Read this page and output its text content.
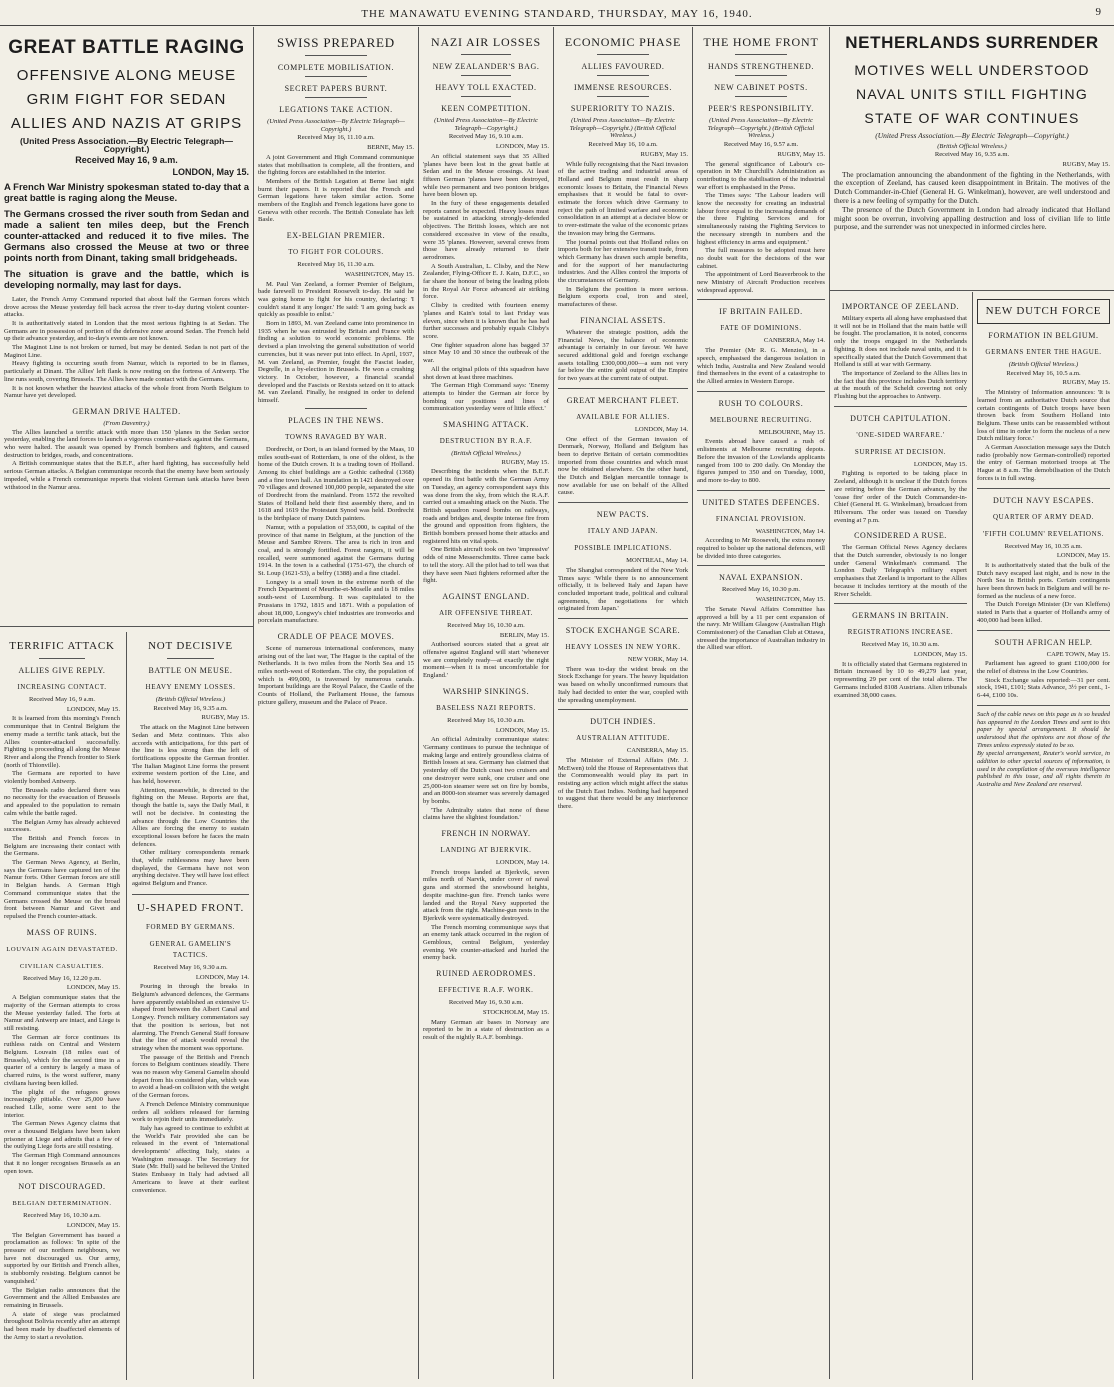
THE MANAWATU EVENING STANDARD, THURSDAY, MAY 16, 1940.	9
GREAT BATTLE RAGING
OFFENSIVE ALONG MEUSE
GRIM FIGHT FOR SEDAN
ALLIES AND NAZIS AT GRIPS
(United Press Association.—By Electric Telegraph—Copyright.)
Received May 16, 9 a.m.
LONDON, May 15.

A French War Ministry spokesman stated to-day that a great battle is raging along the Meuse.

The Germans crossed the river south from Sedan and made a salient ten miles deep, but the French counter-attacked and reduced it to five miles. The Germans also crossed the Meuse at two or three points north from Dinant, taking small bridgeheads.

The situation is grave and the battle, which is developing normally, may last for days.

Later, the French Army Command reported that about half the German forces which drove across the Meuse yesterday fell back across the river to-day during violent counter-attacks.

It is authoritatively stated in London that the most serious fighting is at Sedan. The Germans are in possession of portion of the defensive zone around Sedan. The French held up their advance yesterday, and to-day's events are not known.

The Maginot Line is not broken or turned, but may be dented. Sedan is not part of the Maginot Line.

Heavy fighting is occurring south from Namur, which is reported to be in flames, particularly at Dinant. The Allies' left flank is now resting on the fortress of Antwerp. The line runs south, covering Brussels. The Allies have made contact with the Germans.

It is not known whether the heaviest attacks of the whole front from North Belgium to Namur have yet developed.

GERMAN DRIVE HALTED.
(From Daventry.)

The Allies launched a terrific attack with more than 150 'planes in the Sedan sector yesterday, enabling the land forces to launch a vigorous counter-attack against the Germans, who were halted. The assault was opened by French bombers and fighters, and caused destruction to bridges, roads, and concentrations.

A British communique states that the B.E.F., after hard fighting, has successfully held serious German attacks. A Belgian communique records that the enemy have been seriously impeded, while a French communique reports that violent German tank attacks have been withstood in the Namur area.

TERRIFIC ATTACK
ALLIES GIVE REPLY.
INCREASING CONTACT.
Received May 16, 9 a.m.
LONDON, May 15.

It is learned from this morning's French communique that in Central Belgium the enemy made a terrific tank attack, but the Allies counter-attacked successfully. Fighting is proceeding all along the Meuse River and along the French frontier to Sierk (north of Thionville).

The Germans are reported to have violently bombed Antwerp.

The Brussels radio declared there was no necessity for the evacuation of Brussels and appealed to the population to remain calm while the battle raged.

The Belgian Army has already achieved successes.

The British and French forces in Belgium are increasing their contact with the Germans.

The German News Agency, at Berlin, says the Germans have captured ten of the Namur forts. Other German forces are still in Belgian hands. A German High Command communique states that the Germans crossed the Meuse on the broad front between Namur and Givet and repulsed the French counter-attack.

MASS OF RUINS.
LOUVAIN AGAIN DEVASTATED.
CIVILIAN CASUALTIES.
Received May 16, 12.20 p.m.
LONDON, May 15.

A Belgian communique states that the majority of the German attempts to cross the Meuse yesterday failed. The forts at Namur and Antwerp are intact, and Liege is still resisting.

The German air force continues its ruthless raids on Central and Western Belgium. Louvain (18 miles east of Brussels), which for the second time in a quarter of a century is largely a mass of charred ruins, is the worst sufferer, many civilians having been killed.

The plight of the refugees grows increasingly pitiable. Over 25,000 have reached Lille, some were sent to the interior.

The German News Agency claims that over a thousand Belgians have been taken prisoner at Liege and admits that a few of the outlying Liege forts are still resisting.

The German High Command announces that it no longer recognises Brussels as an open town.

NOT DISCOURAGED.
BELGIAN DETERMINATION.
Received May 16, 10.30 a.m.
LONDON, May 15.

The Belgian Government has issued a proclamation as follows: 'In spite of the pressure of our northern neighbours, we have not discouraged us. Our army, supported by our British and French allies, is stubbornly resisting. Belgium cannot be vanquished.'

The Belgian radio announces that the Government and the Allied Embassies are remaining in Brussels.

A state of siege was proclaimed throughout Bolivia recently after an attempt had been made by disaffected elements of the Army to start a revolution.

NOT DECISIVE
BATTLE ON MEUSE.
HEAVY ENEMY LOSSES.
(British Official Wireless.)
Received May 16, 9.35 a.m.
RUGBY, May 15.

The attack on the Maginot Line between Sedan and Metz continues. This also accords with anticipations, for this part of the line is less strong than the left of fortifications opposite the German frontier. The Italian Maginot Line forms the present extreme western portion of the Line, and has held, however.

Attention, meanwhile, is directed to the fighting on the Meuse. Reports are that, though the battle is, says the Daily Mail, it will not be decisive. In contesting the advance through the Low Countries the Allies are forcing the enemy to sustain exceptional losses before he faces the main defences.

Other military correspondents remark that, while ruthlessness may have been displayed, the Germans have not won anything decisive. They will have lost effect against Belgium and France.

U-SHAPED FRONT.
FORMED BY GERMANS.
GENERAL GAMELIN'S TACTICS.
Received May 16, 9.30 a.m.
LONDON, May 14.

Pouring in through the breaks in Belgium's advanced defences, the Germans have apparently established an extensive U-shaped front between the Albert Canal and Longwy. French military commentators say that the position is serious, but not alarming. The French General Staff foresaw that the line of attack would reveal the strategy when the moment was opportune.

The passage of the British and French forces to Belgium continues steadily. There was no reason why General Gamelin should depart from his considered plan, which was to avoid a head-on collision with the weight of the German forces.

A French Defence Ministry communique orders all soldiers released for farming work to rejoin their units immediately.

Italy has agreed to continue to exhibit at the World's Fair provided she can be released in the event of 'international developments' affecting Italy, states a Washington message. The Secretary for State (Mr. Hull) said he believed the United States Embassy in Italy had advised all Americans to leave at their earliest convenience.

SWISS PREPARED
COMPLETE MOBILISATION.
SECRET PAPERS BURNT.
LEGATIONS TAKE ACTION.
(United Press Association—By Electric Telegraph—Copyright.)
Received May 16, 11.10 a.m.
BERNE, May 15.

A joint Government and High Command communique states that mobilisation is complete, all the frontiers, and the fighting forces are established in the interior.

Members of the British Legation at Berne last night burnt their papers. It is reported that the French and German legations have taken similar action. Some members of the English and French legations have gone to Geneva with other records. The British Consulate has left Basle.

EX-BELGIAN PREMIER.
TO FIGHT FOR COLOURS.
Received May 16, 11.30 a.m.
WASHINGTON, May 15.

M. Paul Van Zeeland, a former Premier of Belgium, bade farewell to President Roosevelt to-day. He said he was going home to fight for his country, declaring: 'I couldn't stand it any longer.' He said: 'I am going back as quickly as possible to enlist.'

Born in 1893, M. van Zeeland came into prominence in 1935 when he was entrusted by Britain and France with finding a solution to world economic problems. He devised a plan involving the general substitution of world currencies, but it was never put into effect. In April, 1937, M. van Zeeland, as Premier, fought the Fascist leader, Degrelle, in a by-election in Brussels. He won a crushing victory. In October, however, a financial scandal developed and the Fascists or Rexists seized on it to attack M. van Zeeland. Finally, he resigned in order to defend himself.

PLACES IN THE NEWS.
TOWNS RAVAGED BY WAR.

Dordrecht, or Dort, is an island formed by the Maas, 10 miles south-east of Rotterdam, is one of the oldest, is the home of the Dutch crown. It is a trading town of Holland. Among its chief buildings are a Gothic cathedral (1368) and a fine town hall. An inundation in 1421 destroyed over 70 villages and drowned 100,000 people, separated the site of Dordrecht from the mainland. From 1572 the revolted States of Holland held their first assembly there, and in 1618 and 1619 the Protestant Synod was held. Dordrecht is the birthplace of many Dutch painters.

Namur, with a population of 353,000, is capital of the province of that name in Belgium, at the junction of the Meuse and Sambre Rivers. The area is rich in iron and coal, and is strongly fortified. Forest rangers, it will be recalled, were summoned against the Germans during 1914. In the town is a cathedral (1751-67), the church of St. Loup (1621-53), a belfry (1388) and a fine citadel.

Longwy is a small town in the extreme north of the French Department of Meurthe-et-Moselle and is 18 miles south-west of Luxemburg. It was capitulated to the Prussians in 1792, 1815 and 1871. With a population of about 18,000, Longwy's chief industries are ironworks and porcelain manufacture.

CRADLE OF PEACE MOVES.

Scene of numerous international conferences, many arising out of the last war, The Hague is the capital of the Netherlands. It is two miles from the North Sea and 15 miles north-west of Rotterdam. The city, the population of which is 499,000, is traversed by numerous canals. Important buildings are the Royal Palace, the Castle of the Counts of Holland, the Parliament House, the famous picture gallery, museum and the Palace of Peace.

NAZI AIR LOSSES
NEW ZEALANDER'S BAG.
HEAVY TOLL EXACTED.
KEEN COMPETITION.
(United Press Association—By Electric Telegraph—Copyright.)
Received May 16, 9.10 a.m.
LONDON, May 15.

An official statement says that 35 Allied 'planes have been lost in the great battle at Sedan and in the Meuse crossings. At least fifteen German 'planes have been destroyed, while two permanent and two pontoon bridges have been blown up.

In the fury of these engagements detailed reports cannot be expected. Heavy losses must be sustained in attacking strongly-defended objectives. The British losses, which are not considered excessive in view of the results, were 35 'planes. However, several crews from those have already returned to their aerodromes.

A South Australian, L. Clisby, and the New Zealander, Flying-Officer E. J. Kain, D.F.C., so far share the honour of being the leading pilots in the Royal Air Force advanced air striking force.

Clisby is credited with fourteen enemy 'planes and Kain's total to last Friday was eleven, since when it is known that he has had further successes and probably equals Clisby's score.

One fighter squadron alone has bagged 37 since May 10 and 30 since the outbreak of the war.

All the original pilots of this squadron have shot down at least three machines.

The German High Command says: 'Enemy attempts to hinder the German air force by bombing our positions and lines of communication yesterday were of little effect.'

SMASHING ATTACK.
DESTRUCTION BY R.A.F.
(British Official Wireless.)
RUGBY, May 15.

Describing the incidents when the B.E.F. opened its first battle with the German Army on Tuesday, an agency correspondent says this was done from the sky, from which the R.A.F. carried out a smashing attack on the Nazis. The British squadron roared bombs on railways, roads and bridges and, despite intense fire from the ground and opposition from fighters, the British bombers pressed home their attacks and registered hits on vital spots.

One British aircraft took on two 'impressive' odds of nine Messerschmitts. Three came back to tell the story. All the pilot had to tell was that they have seen Nazi fighters reformed after the fight.

AGAINST ENGLAND.
AIR OFFENSIVE THREAT.
Received May 16, 10.30 a.m.
BERLIN, May 15.

Authorised sources stated that a great air offensive against England will start 'whenever we are completely ready—at exactly the right moment—when it is most uncomfortable for England.'

WARSHIP SINKINGS.
BASELESS NAZI REPORTS.
Received May 16, 10.30 a.m.
LONDON, May 15.

An official Admiralty communique states: 'Germany continues to pursue the technique of making large and entirely groundless claims of British losses at sea. Germany has claimed that yesterday off the Dutch coast two cruisers and one destroyer were sunk, one cruiser and one 25,000-ton steamer were set on fire by bombs, and an 8000-ton steamer was severely damaged by bombs.

'The Admiralty states that none of these claims have the slightest foundation.'

FRENCH IN NORWAY.
LANDING AT BJERKVIK.
LONDON, May 14.

French troops landed at Bjerkvik, seven miles north of Narvik, under cover of naval guns and stormed the snowbound heights, despite machine-gun fire. French tanks were landed and the Royal Navy supported the attack from the right. Machine-gun nests in the Bjerkvik were systematically destroyed.

The French morning communique says that an enemy tank attack occurred in the region of Gembloux, central Belgium, yesterday evening. We counter-attacked and hurled the enemy back.

RUINED AERODROMES.
EFFECTIVE R.A.F. WORK.
Received May 16, 9.30 a.m.
STOCKHOLM, May 15.

Many German air bases in Norway are reported to be in a state of destruction as a result of the nightly R.A.F. bombings.

ECONOMIC PHASE
ALLIES FAVOURED.
IMMENSE RESOURCES.
SUPERIORITY TO NAZIS.
(United Press Association—By Electric Telegraph—Copyright.) (British Official Wireless.)
Received May 16, 10 a.m.
RUGBY, May 15.

While fully recognising that the Nazi invasion of the active trading and industrial areas of Holland and Belgium must result in sharp economic losses to Britain, the Financial News emphasises that it would be fatal to over-estimate the forces which drive Germany to reject the path of limited warfare and economic consolidation in an attempt at a decisive blow or to over-estimate the value of the economic prizes the invasion may bring the Germans.

The journal points out that Holland relies on imports both for her extensive transit trade, from which Germany has drawn such ample benefits, and for the support of her manufacturing industries. And the Allies control the imports of the circumstances of Germany.

In Belgium the position is more serious. Belgium exports coal, iron and steel, manufactures of these.

FINANCIAL ASSETS.

Whatever the strategic position, adds the Financial News, the balance of economic advantage is certainly in our favour. We have secured additional gold and foreign exchange assets totalling £300,000,000—a sum not very far below the entire gold output of the Empire for two years at the current rate of output.

GREAT MERCHANT FLEET.
AVAILABLE FOR ALLIES.
LONDON, May 14.

One effect of the German invasion of Denmark, Norway, Holland and Belgium has been to deprive Britain of certain commodities imported from those countries and which must now be obtained elsewhere. On the other hand, the Dutch and Belgian mercantile tonnage is now available for use on behalf of the Allied cause.

NEW PACTS.
ITALY AND JAPAN.
POSSIBLE IMPLICATIONS.
MONTREAL, May 14.

The Shanghai correspondent of the New York Times says: 'While there is no announcement officially, it is believed Italy and Japan have concluded important trade, political and cultural agreements, the negotiations for which originated from Japan.'

STOCK EXCHANGE SCARE.
HEAVY LOSSES IN NEW YORK.
NEW YORK, May 14.

There was to-day the widest break on the Stock Exchange for years. The heavy liquidation was based on wholly unconfirmed rumours that Italy had decided to enter the war, coupled with the spreading unemployment.

DUTCH INDIES.
AUSTRALIAN ATTITUDE.
CANBERRA, May 15.

The Minister of External Affairs (Mr. J. McEwen) told the House of Representatives that the Commonwealth would play its part in resisting any action which might affect the status of the Dutch East Indies. Nothing had happened to suggest that there would be any interference there.

THE HOME FRONT
HANDS STRENGTHENED.
NEW CABINET POSTS.
PEER'S RESPONSIBILITY.
(United Press Association—By Electric Telegraph—Copyright.) (British Official Wireless.)
Received May 16, 9.57 a.m.
RUGBY, May 15.

The general significance of Labour's co-operation in Mr Churchill's Administration as contributing to the stabilisation of the industrial war effort is emphasised in the Press.

The Times says: 'The Labour leaders will know the necessity for creating an industrial labour force equal to the increasing demands of the three Fighting Services and for simultaneously raising the Fighting Services to the necessary strength in numbers and the highest efficiency in arms and equipment.'

The full measures to be adopted must here no doubt wait for the decisions of the war cabinet.

The appointment of Lord Beaverbrook to the new Ministry of Aircraft Production receives widespread approval.

IF BRITAIN FAILED.
FATE OF DOMINIONS.
CANBERRA, May 14.

The Premier (Mr R. G. Menzies), in a speech, emphasised the dangerous isolation in which India, Australia and New Zealand would find themselves in the event of a catastrophe to the Allied armies in Western Europe.

RUSH TO COLOURS.
MELBOURNE RECRUITING.
MELBOURNE, May 15.

Events abroad have caused a rush of enlistments at Melbourne recruiting depots. Before the invasion of the Lowlands applicants ranged from 100 to 200 daily. On Monday the figures jumped to 350 and on Tuesday, 1000, and more to-day to 800.

UNITED STATES DEFENCES.
FINANCIAL PROVISION.
WASHINGTON, May 14.

According to Mr Roosevelt, the extra money required to bolster up the national defences, will be divided into three categories.

NAVAL EXPANSION.
Received May 16, 10.30 p.m.
WASHINGTON, May 15.

The Senate Naval Affairs Committee has approved a bill by a 11 per cent expansion of the navy. Mr William Glasgow (Australian High Commissioner) of the Canadian Club at Ottawa, stressed the importance of Australian industry in the Allied war effort.

NETHERLANDS SURRENDER
MOTIVES WELL UNDERSTOOD
NAVAL UNITS STILL FIGHTING
STATE OF WAR CONTINUES
(United Press Association.—By Electric Telegraph—Copyright.)
(British Official Wireless.)
Received May 16, 9.35 a.m.
RUGBY, May 15.

The proclamation announcing the abandonment of the fighting in the Netherlands, with the exception of Zeeland, has caused keen disappointment in Britain. The motives of the Dutch Commander-in-Chief (General H. G. Winkelman), however, are well understood and there is a new feeling of sympathy for the Dutch.

The presence of the Dutch Government in London had already indicated that Holland might soon be overrun, involving appalling destruction and loss of civilian life to little purpose, and the surrender was not unexpected in informed circles here.

IMPORTANCE OF ZEELAND.

Military experts all along have emphasised that it will not be in Holland that the main battle will be fought. The proclamation, it is noted, concerns only the troops engaged in the Netherlands fighting. It does not include naval units, and it is specifically stated that the Dutch Government that Holland is still at war with Germany.

The importance of Zeeland to the Allies lies in the fact that this province includes Dutch territory at the mouth of the Scheldt covering not only Flushing but the approaches to Antwerp.

DUTCH CAPITULATION.
'ONE-SIDED WARFARE.'
SURPRISE AT DECISION.
LONDON, May 15.

Fighting is reported to be taking place in Zeeland, although it is unclear if the Dutch forces are retiring before the German advance, by the 'cease fire' order of the Dutch Commander-in-Chief (General H. G. Winkelman), broadcast from Hilversum. The order was issued on Tuesday evening at 7 p.m.

CONSIDERED A RUSE.

The German Official News Agency declares that the Dutch surrender, obviously is no longer under General Winkelman's command. The London Daily Telegraph's military expert emphasises that Zeeland is important to the Allies because it includes territory at the mouth of the River Scheldt.

GERMANS IN BRITAIN.
REGISTRATIONS INCREASE.
Received May 16, 10.30 a.m.
LONDON, May 15.

It is officially stated that Germans registered in Britain increased by 10 to 49,279 last year, representing 29 per cent of the total aliens. The Germans included 8108 Austrians. Alien tribunals examined 38,000 cases.

NEW DUTCH FORCE
FORMATION IN BELGIUM.
GERMANS ENTER THE HAGUE.
(British Official Wireless.)
Received May 16, 10.5 a.m.
RUGBY, May 15.

The Ministry of Information announces: 'It is learned from an authoritative Dutch source that certain contingents of Dutch troops have been thrown back from Southern Holland into Belgium. These units can be reassembled without loss of time in order to form the nucleus of a new Dutch military force.'

A German Association message says the Dutch radio (probably now German-controlled) reported the entry of German motorised troops at The Hague at 8 a.m. The demobilisation of the Dutch forces is in full swing.

DUTCH NAVY ESCAPES.
QUARTER OF ARMY DEAD.
'FIFTH COLUMN' REVELATIONS.
Received May 16, 10.35 a.m.
LONDON, May 15.

It is authoritatively stated that the bulk of the Dutch navy escaped last night, and is now in the North Sea in British ports. Certain contingents have been thrown back in Belgium and will be re-formed as the nucleus of a new force.

The Dutch Foreign Minister (Dr van Kleffens) stated in Paris that a quarter of Holland's army of 400,000 had been killed.

SOUTH AFRICAN HELP.
CAPE TOWN, May 15.

Parliament has agreed to grant £100,000 for the relief of distress in the Low Countries.

Stock Exchange sales reported:—31 per cent. stock, 1941, £101; Stats Advance, 3½ per cent., 1-6-44, £100 10s.

Such of the cable news on this page as is so headed has appeared in the London Times and sent to this paper by special arrangement. It should be understood that the opinions are not those of the Times unless expressly stated to be so.

By special arrangement, Reuter's world service, in addition to other special sources of information, is used in the compilation of the overseas intelligence published in this issue, and all rights therein in Australia and New Zealand are reserved.
